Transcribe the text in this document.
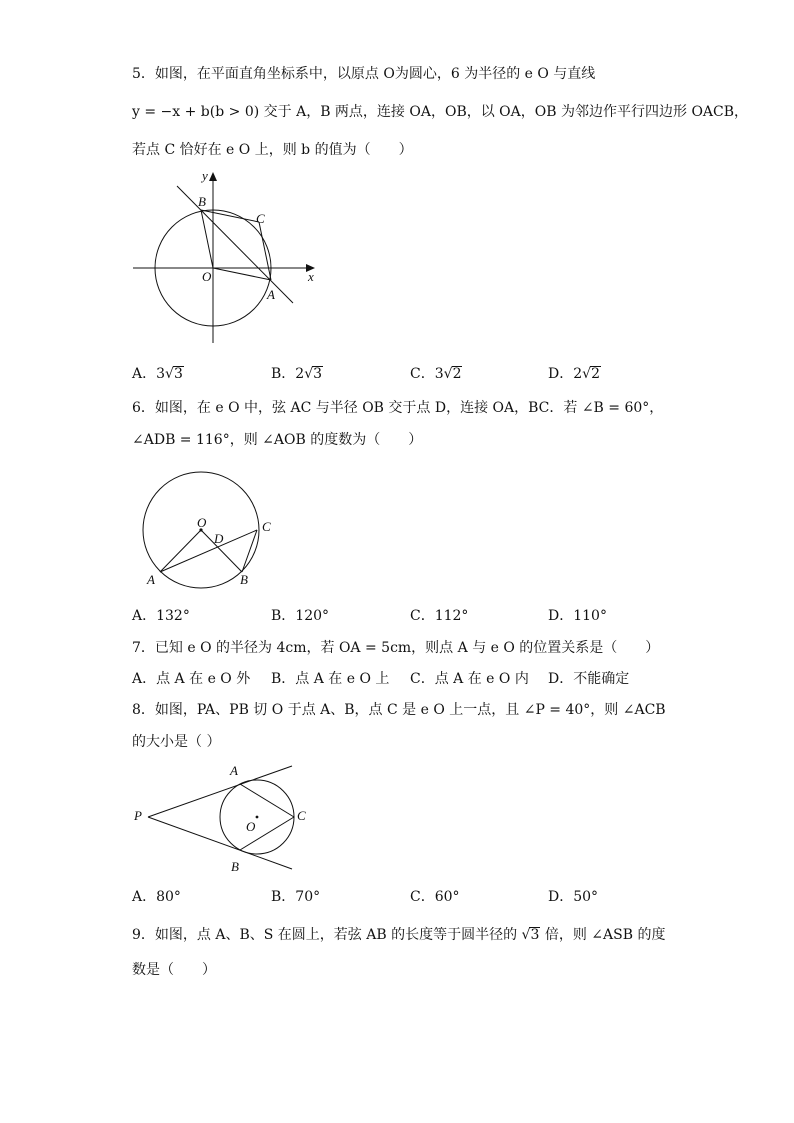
5．如图，在平面直角坐标系中，以原点 O为圆心，6 为半径的 e O 与直线
y = −x + b(b > 0) 交于 A，B 两点，连接 OA，OB，以 OA，OB 为邻边作平行四边形 OACB，
若点 C 恰好在 e O 上，则 b 的值为（　　）
y
x
B
C
O
A
A．3√3	B．2√3	C．3√2	D．2√2
6．如图，在 e O 中，弦 AC 与半径 OB 交于点 D，连接 OA，BC．若 ∠B = 60°，
∠ADB = 116°，则 ∠AOB 的度数为（　　）
O
D
C
A	B
A．132°	B．120°	C．112°	D．110°
7．已知 e O 的半径为 4cm，若 OA = 5cm，则点 A 与 e O 的位置关系是（　　）
A．点 A 在 e O 外 B．点 A 在 e O 上 C．点 A 在 e O 内 D．不能确定
8．如图，PA、PB 切 O 于点 A、B，点 C 是 e O 上一点，且 ∠P = 40°，则 ∠ACB
的大小是（ ）
P
A
B
C
O
A．80°	B．70°	C．60°	D．50°
9．如图，点 A、B、S 在圆上，若弦 AB 的长度等于圆半径的 √3 倍，则 ∠ASB 的度
数是（　　）
